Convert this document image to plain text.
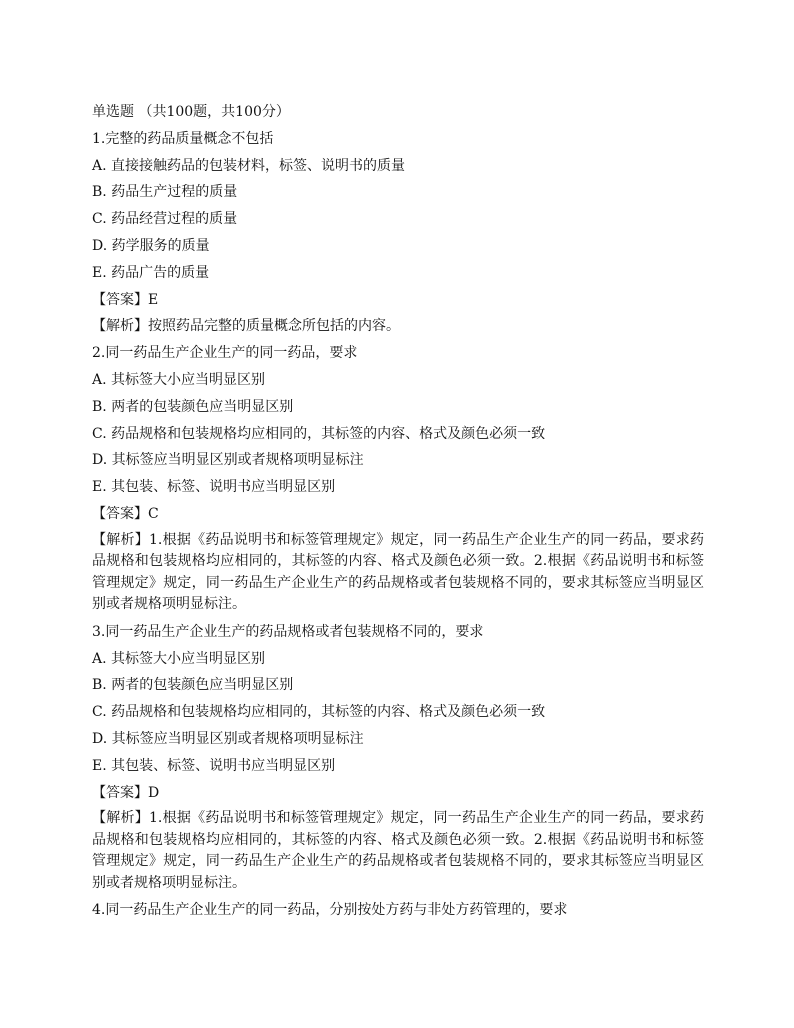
单选题 （共100题，共100分）
1.完整的药品质量概念不包括
A. 直接接触药品的包装材料，标签、说明书的质量
B. 药品生产过程的质量
C. 药品经营过程的质量
D. 药学服务的质量
E. 药品广告的质量
【答案】E
【解析】按照药品完整的质量概念所包括的内容。
2.同一药品生产企业生产的同一药品，要求
A. 其标签大小应当明显区别
B. 两者的包装颜色应当明显区别
C. 药品规格和包装规格均应相同的，其标签的内容、格式及颜色必须一致
D. 其标签应当明显区别或者规格项明显标注
E. 其包装、标签、说明书应当明显区别
【答案】C
【解析】1.根据《药品说明书和标签管理规定》规定，同一药品生产企业生产的同一药品，要求药品规格和包装规格均应相同的，其标签的内容、格式及颜色必须一致。2.根据《药品说明书和标签管理规定》规定，同一药品生产企业生产的药品规格或者包装规格不同的，要求其标签应当明显区别或者规格项明显标注。
3.同一药品生产企业生产的药品规格或者包装规格不同的，要求
A. 其标签大小应当明显区别
B. 两者的包装颜色应当明显区别
C. 药品规格和包装规格均应相同的，其标签的内容、格式及颜色必须一致
D. 其标签应当明显区别或者规格项明显标注
E. 其包装、标签、说明书应当明显区别
【答案】D
【解析】1.根据《药品说明书和标签管理规定》规定，同一药品生产企业生产的同一药品，要求药品规格和包装规格均应相同的，其标签的内容、格式及颜色必须一致。2.根据《药品说明书和标签管理规定》规定，同一药品生产企业生产的药品规格或者包装规格不同的，要求其标签应当明显区别或者规格项明显标注。
4.同一药品生产企业生产的同一药品，分别按处方药与非处方药管理的，要求
